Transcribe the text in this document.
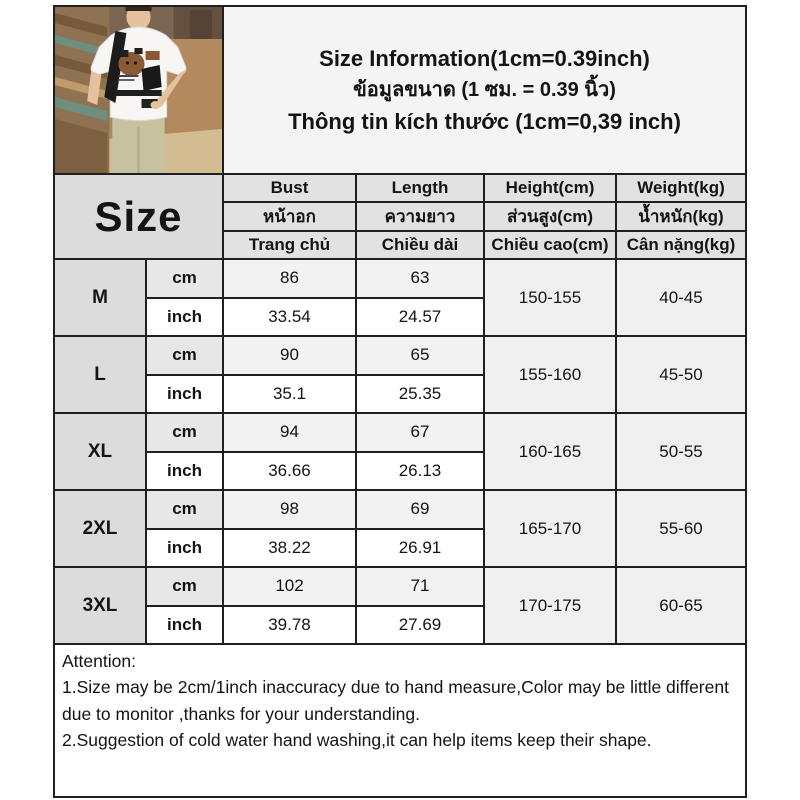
Size Information(1cm=0.39inch)
ข้อมูลขนาด (1 ซม. = 0.39 นิ้ว)
Thông tin kích thước (1cm=0,39 inch)			

Size		Bust	Length	Height(cm)	Weight(kg)
		หน้าอก	ความยาว	ส่วนสูง(cm)	น้ำหนัก(kg)
		Trang chủ	Chiều dài	Chiều cao(cm)	Cân nặng(kg)
M	cm	86	63	150-155	40-45
	inch	33.54	24.57		
L	cm	90	65	155-160	45-50
	inch	35.1	25.35		
XL	cm	94	67	160-165	50-55
	inch	36.66	26.13		
2XL	cm	98	69	165-170	55-60
	inch	38.22	26.91		
3XL	cm	102	71	170-175	60-65
	inch	39.78	27.69		

Attention:
1.Size may be 2cm/1inch inaccuracy due to hand measure,Color may be little different due to monitor ,thanks for your understanding.
2.Suggestion of cold water hand washing,it can help items keep their shape.					
